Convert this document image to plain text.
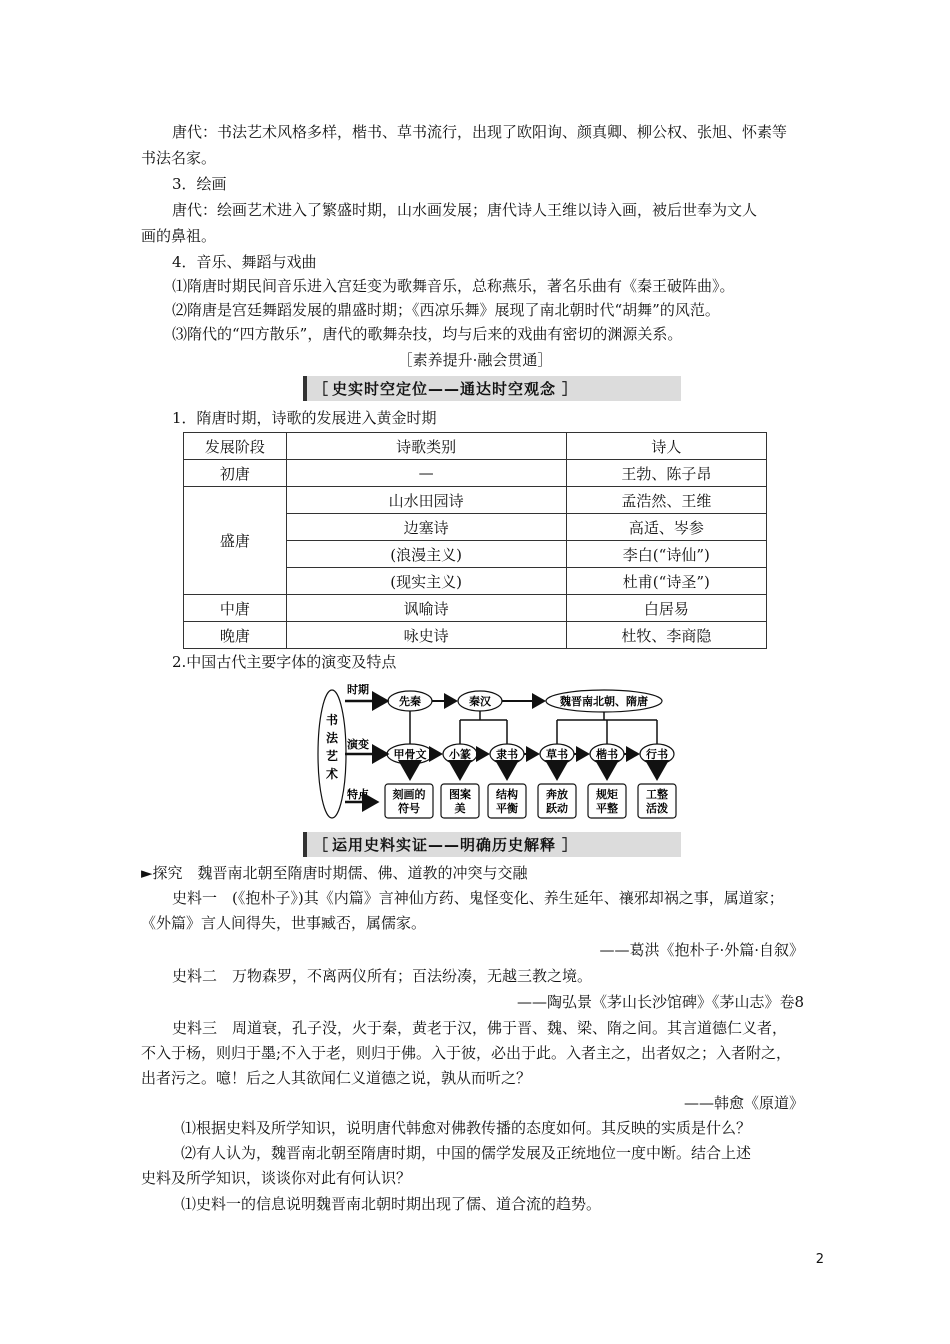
唐代：书法艺术风格多样，楷书、草书流行，出现了欧阳询、颜真卿、柳公权、张旭、怀素等
书法名家。
3．绘画
唐代：绘画艺术进入了繁盛时期，山水画发展；唐代诗人王维以诗入画，被后世奉为文人
画的鼻祖。
4．音乐、舞蹈与戏曲
⑴隋唐时期民间音乐进入宫廷变为歌舞音乐，总称燕乐，著名乐曲有《秦王破阵曲》。
⑵隋唐是宫廷舞蹈发展的鼎盛时期；《西凉乐舞》展现了南北朝时代“胡舞”的风范。
⑶隋代的“四方散乐”，唐代的歌舞杂技，均与后来的戏曲有密切的渊源关系。
［素养提升·融会贯通］
［ 史实时空定位——通达时空观念 ］
1．隋唐时期，诗歌的发展进入黄金时期
发展阶段	诗歌类别	诗人
初唐	—	王勃、陈子昂
盛唐	山水田园诗	孟浩然、王维
	边塞诗	高适、岑参
	(浪漫主义)	李白(“诗仙”)
	(现实主义)	杜甫(“诗圣”)
中唐	讽喻诗	白居易
晚唐	咏史诗	杜牧、李商隐
2.中国古代主要字体的演变及特点
书
法
艺
术
时期
演变
特点
先秦	秦汉	魏晋南北朝、隋唐
甲骨文 小篆 隶书	草书	楷书	行书
刻画的
符号
图案
美
结构
平衡
奔放
跃动
规矩
平整
工整
活泼
［ 运用史料实证——明确历史解释 ］
►探究　魏晋南北朝至隋唐时期儒、佛、道教的冲突与交融
史料一　(《抱朴子》)其《内篇》言神仙方药、鬼怪变化、养生延年、禳邪却祸之事，属道家；
《外篇》言人间得失，世事臧否，属儒家。
——葛洪《抱朴子·外篇·自叙》
史料二　万物森罗，不离两仪所有；百法纷凑，无越三教之境。
——陶弘景《茅山长沙馆碑》《茅山志》卷8
史料三　周道衰，孔子没，火于秦，黄老于汉，佛于晋、魏、梁、隋之间。其言道德仁义者，
不入于杨，则归于墨;不入于老，则归于佛。入于彼，必出于此。入者主之，出者奴之；入者附之，
出者污之。噫！后之人其欲闻仁义道德之说，孰从而听之？
——韩愈《原道》
⑴根据史料及所学知识，说明唐代韩愈对佛教传播的态度如何。其反映的实质是什么？
⑵有人认为，魏晋南北朝至隋唐时期，中国的儒学发展及正统地位一度中断。结合上述
史料及所学知识，谈谈你对此有何认识？
⑴史料一的信息说明魏晋南北朝时期出现了儒、道合流的趋势。
2
